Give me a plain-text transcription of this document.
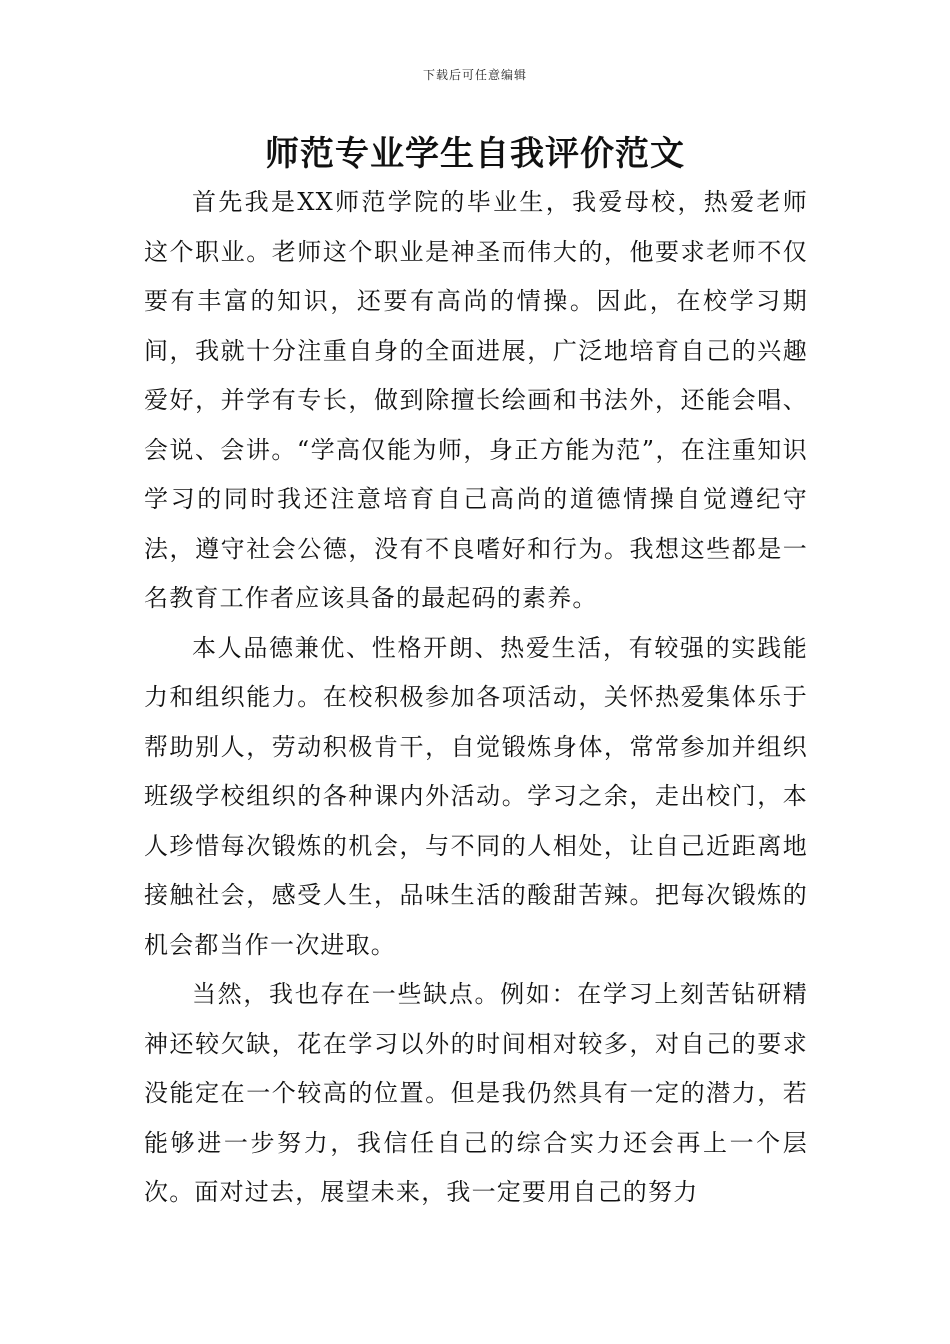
下载后可任意编辑
师范专业学生自我评价范文

首先我是XX师范学院的毕业生，我爱母校，热爱老师这个职业。老师这个职业是神圣而伟大的，他要求老师不仅要有丰富的知识，还要有高尚的情操。因此，在校学习期间，我就十分注重自身的全面进展，广泛地培育自己的兴趣爱好，并学有专长，做到除擅长绘画和书法外，还能会唱、会说、会讲。“学高仅能为师，身正方能为范”，在注重知识学习的同时我还注意培育自己高尚的道德情操自觉遵纪守法，遵守社会公德，没有不良嗜好和行为。我想这些都是一名教育工作者应该具备的最起码的素养。

本人品德兼优、性格开朗、热爱生活，有较强的实践能力和组织能力。在校积极参加各项活动，关怀热爱集体乐于帮助别人，劳动积极肯干，自觉锻炼身体，常常参加并组织班级学校组织的各种课内外活动。学习之余，走出校门，本人珍惜每次锻炼的机会，与不同的人相处，让自己近距离地接触社会，感受人生，品味生活的酸甜苦辣。把每次锻炼的机会都当作一次进取。

当然，我也存在一些缺点。例如：在学习上刻苦钻研精神还较欠缺，花在学习以外的时间相对较多，对自己的要求没能定在一个较高的位置。但是我仍然具有一定的潜力，若能够进一步努力，我信任自己的综合实力还会再上一个层次。面对过去，展望未来，我一定要用自己的努力
